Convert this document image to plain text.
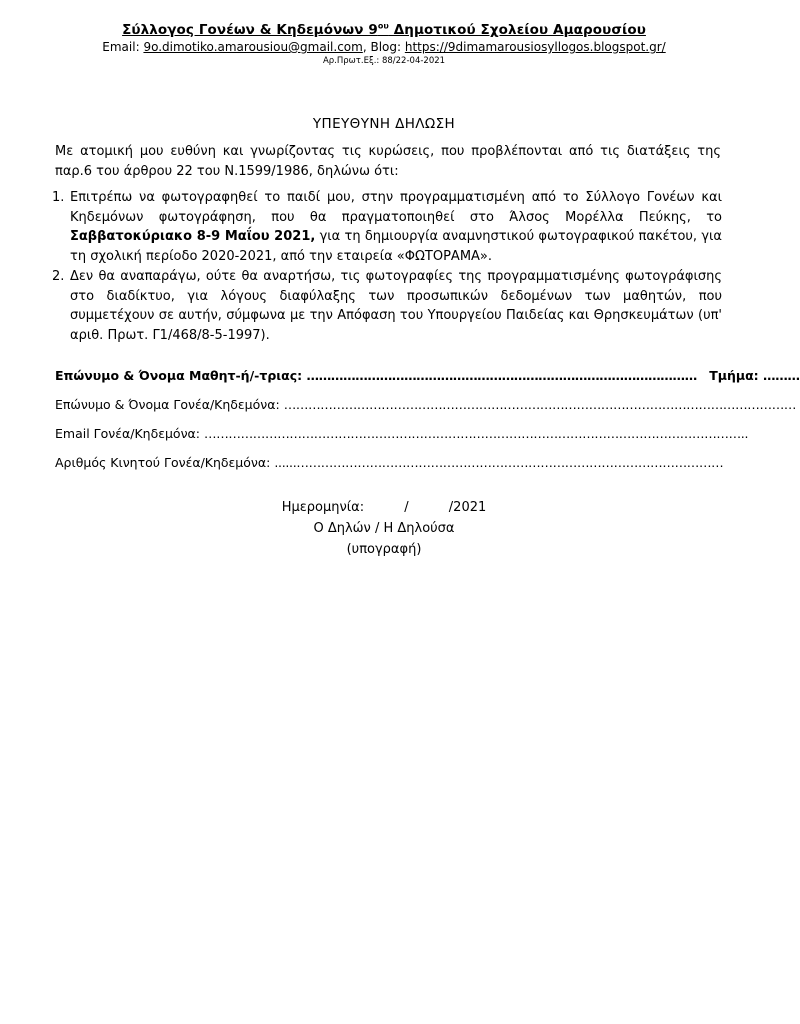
Σύλλογος Γονέων & Κηδεμόνων $9^{o\upsilon}$ Δημοτικού Σχολείου Αμαρουσίου
Email: 9o.dimotiko.amarousiou@gmail.com, Blog: https://9dimamarousiosyllogos.blogspot.gr/
Αρ.Πρωτ.Εξ.: 88/22-04-2021
ΥΠΕΥΘΥΝΗ ΔΗΛΩΣΗ
Με ατομική μου ευθύνη και γνωρίζοντας τις κυρώσεις, που προβλέπονται από τις διατάξεις της παρ.6 του άρθρου 22 του Ν.1599/1986, δηλώνω ότι:
1. Επιτρέπω να φωτογραφηθεί το παιδί μου, στην προγραμματισμένη από το Σύλλογο Γονέων και Κηδεμόνων φωτογράφηση, που θα πραγματοποιηθεί στο Άλσος Μορέλλα Πεύκης, το Σαββατοκύριακο 8-9 Μαΐου 2021, για τη δημιουργία αναμνηστικού φωτογραφικού πακέτου, για τη σχολική περίοδο 2020-2021, από την εταιρεία «ΦΩΤΟΡΑΜΑ».
2. Δεν θα αναπαράγω, ούτε θα αναρτήσω, τις φωτογραφίες της προγραμματισμένης φωτογράφισης στο διαδίκτυο, για λόγους διαφύλαξης των προσωπικών δεδομένων των μαθητών, που συμμετέχουν σε αυτήν, σύμφωνα με την Απόφαση του Υπουργείου Παιδείας και Θρησκευμάτων (υπ' αριθ. Πρωτ. Γ1/468/8-5-1997).
Επώνυμο & Όνομα Μαθητ-ή/-τριας: …………………………………………………………………………………… Τμήμα: ………
Επώνυμο & Όνομα Γονέα/Κηδεμόνα: ………………………………………………………………………………………………………………
Email Γονέα/Κηδεμόνα: ……………………………………………………………………………………………………………………..
Αριθμός Κινητού Γονέα/Κηδεμόνα: ......……………………………………………………………………………………………
Ημερομηνία:	/ /2021
Ο Δηλών / Η Δηλούσα
(υπογραφή)
